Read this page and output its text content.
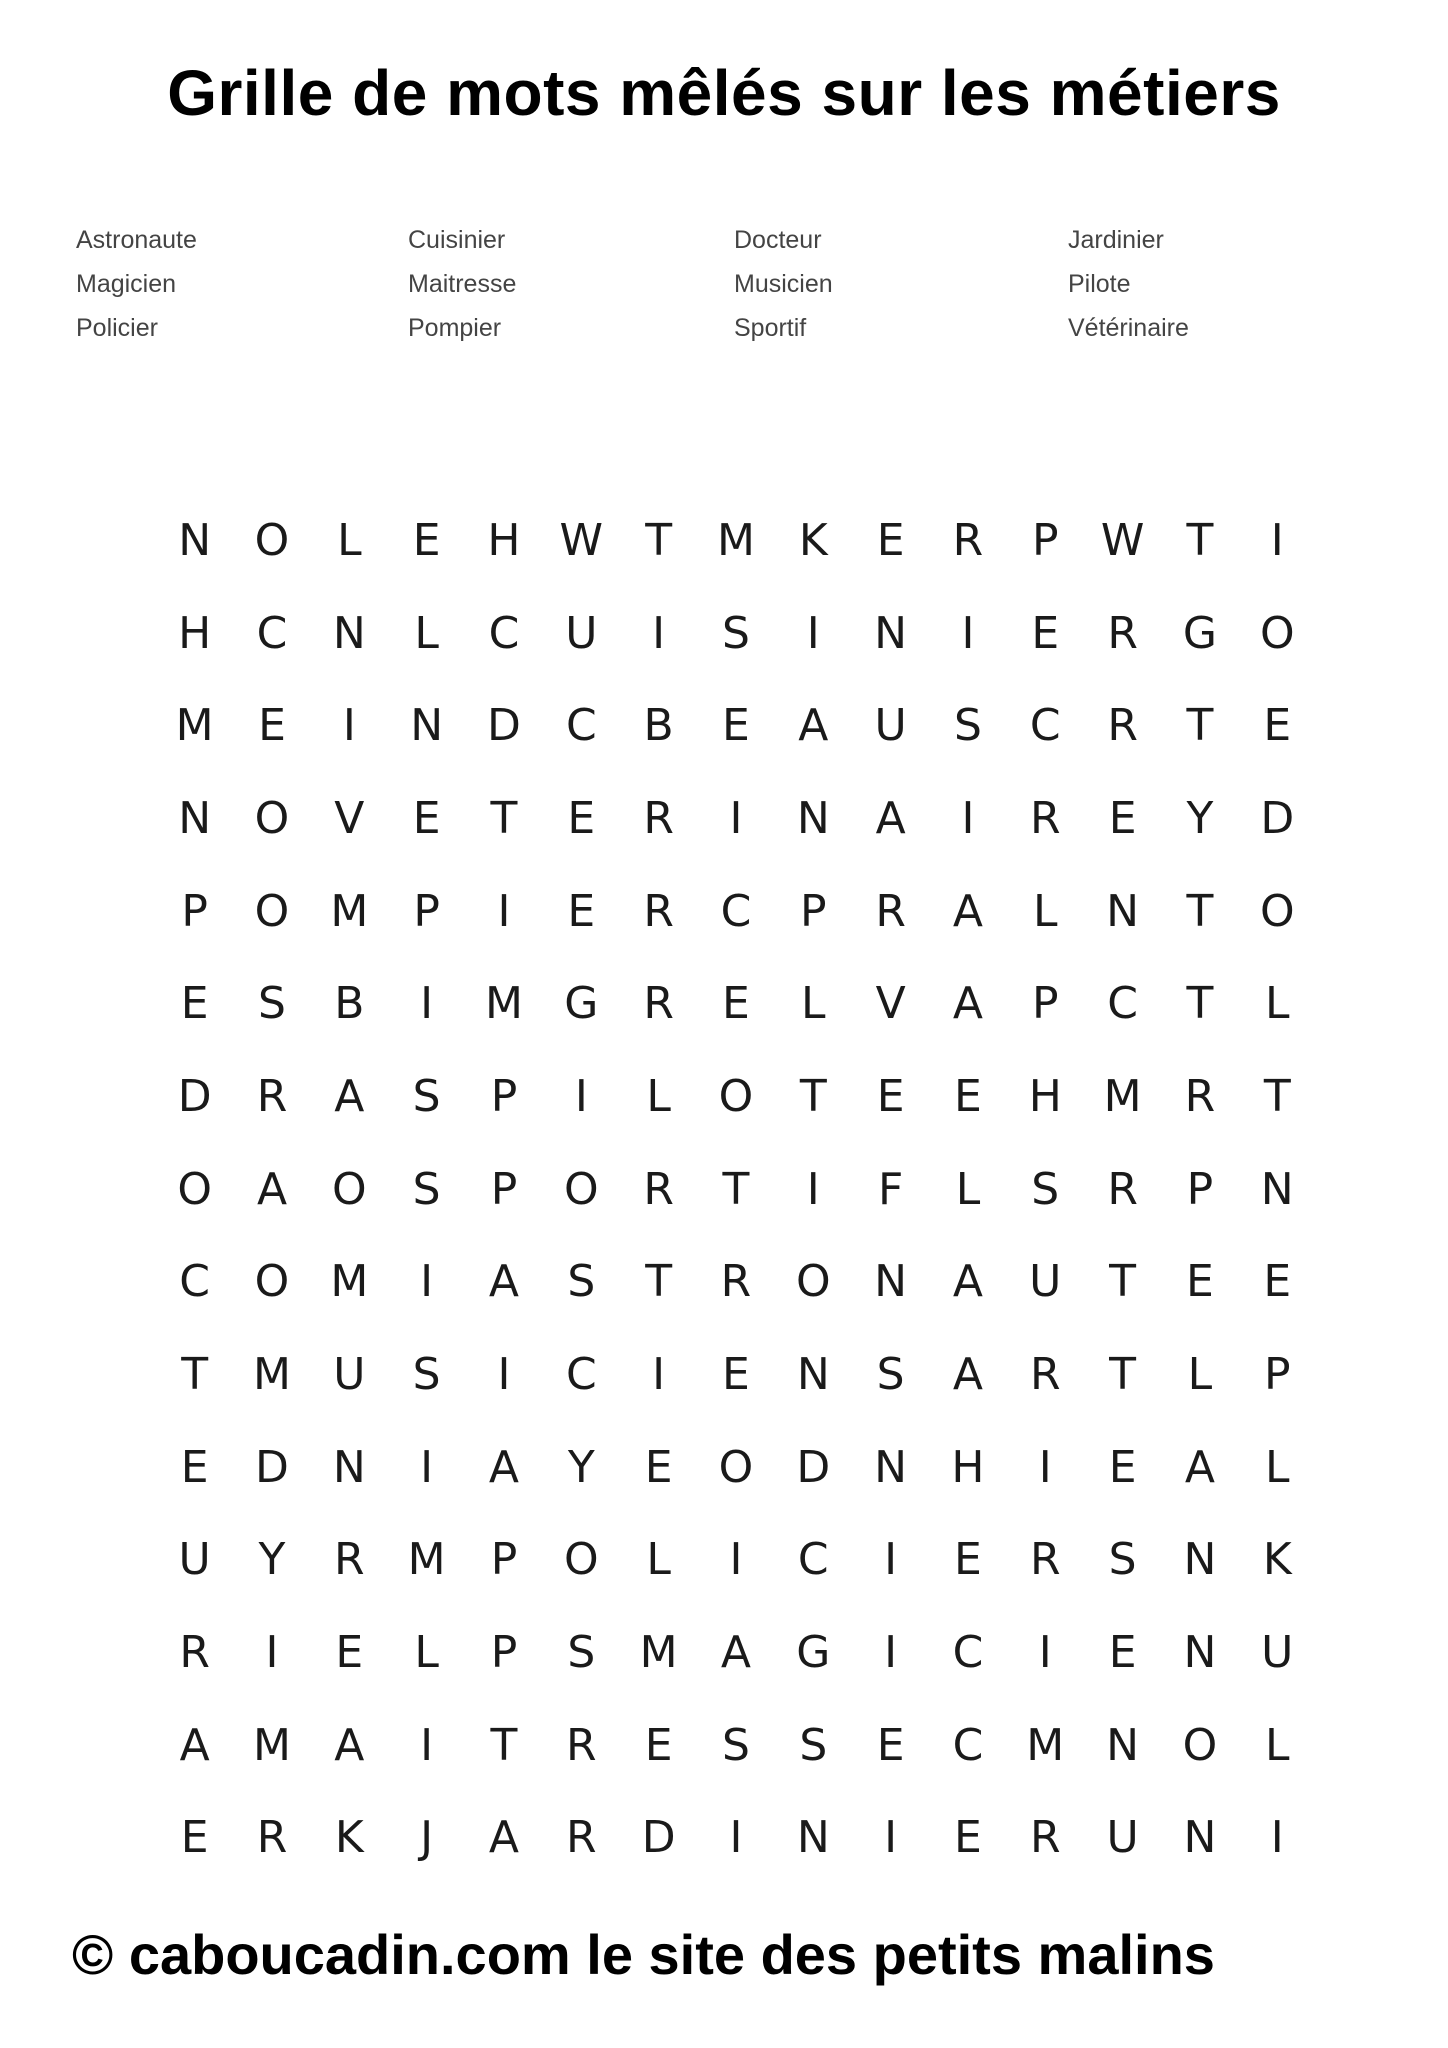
Grille de mots mêlés sur les métiers
Astronaute
Magicien
Policier
Cuisinier
Maitresse
Pompier
Docteur
Musicien
Sportif
Jardinier
Pilote
Vétérinaire
N O	L	E	H W T	M K	E	R	P W T	I
H	C	N	L	C	U	I	S	I	N	I	E	R	G O
M	E	I	N D	C	B	E	A	U	S	C	R	T	E
N O	V	E	T	E	R	I	N	A	I	R	E	Y	D
P	O M	P	I	E	R	C	P	R	A	L	N	T	O
E	S	B	I	M G	R	E	L	V	A	P	C	T	L
D	R	A	S	P	I	L	O	T	E	E	H M R	T
O	A	O	S	P	O	R	T	I	F	L	S	R	P	N
C	O M	I	A	S	T	R	O N	A	U	T	E	E
T	M U	S	I	C	I	E	N	S	A	R	T	L	P
E	D N	I	A	Y	E	O D N	H	I	E	A	L
U	Y	R M	P	O	L	I	C	I	E	R	S	N	K
R	I	E	L	P	S	M A	G	I	C	I	E	N	U
A M A	I	T	R	E	S	S	E	C M N O	L
E	R	K	J	A	R	D	I	N	I	E	R	U	N	I
© caboucadin.com le site des petits malins
